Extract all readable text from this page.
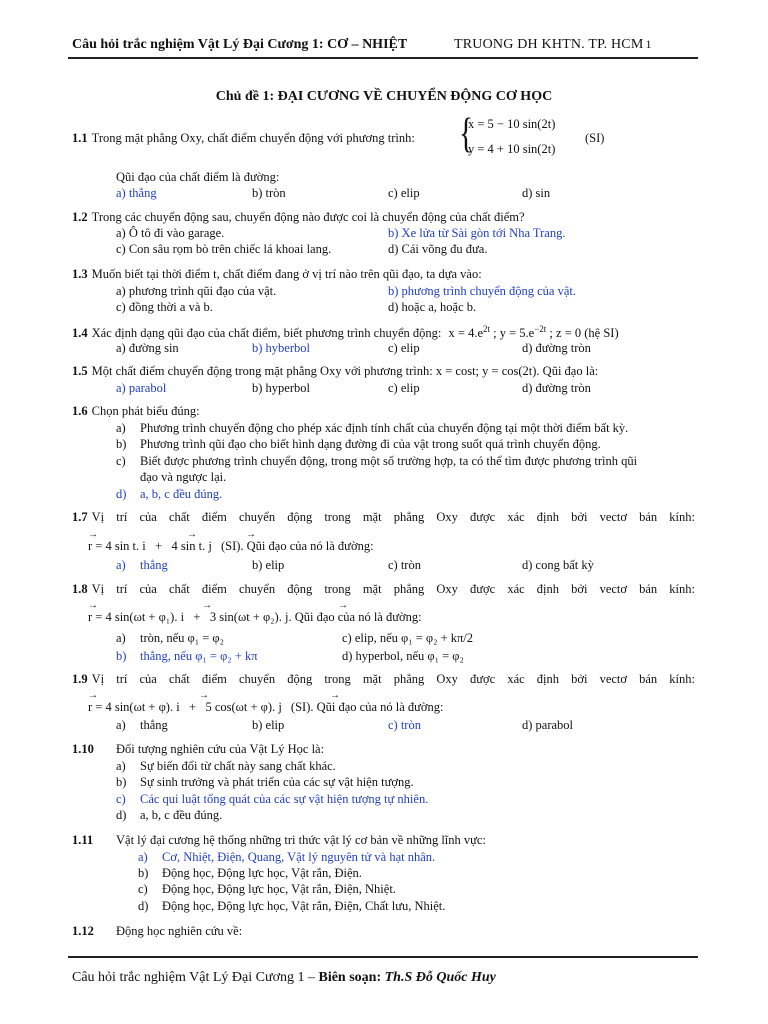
Câu hỏi trắc nghiệm Vật Lý Đại Cương 1: CƠ – NHIỆT	TRUONG DH KHTN. TP. HCM 1
Chủ đề 1: ĐẠI CƯƠNG VỀ CHUYỂN ĐỘNG CƠ HỌC
1.1 Trong mặt phẳng Oxy, chất điểm chuyển động với phương trình: {
x = 5 − 10 sin(2t)
y = 4 + 10 sin(2t)
(SI)
Qũi đạo của chất điểm là đường:
a) thẳng	b) tròn	c) elip	d) sin
1.2 Trong các chuyển động sau, chuyển động nào được coi là chuyển động của chất điểm?
a) Ô tô đi vào garage.	b) Xe lửa từ Sài gòn tới Nha Trang.
c) Con sâu rọm bò trên chiếc lá khoai lang.	d) Cái võng đu đưa.
1.3 Muốn biết tại thời điểm t, chất điểm đang ở vị trí nào trên qũi đạo, ta dựa vào:
a) phương trình qũi đạo của vật.	b) phương trình chuyển động của vật.
c) đồng thời a và b.	d) hoặc a, hoặc b.
1.4 Xác định dạng qũi đạo của chất điểm, biết phương trình chuyển động: $x = 4.e^{2t}$ ; $y = 5.e^{-2t}$ ; z = 0 (hệ SI)
a) đường sin	b) hyberbol	c) elip	d) đường tròn
1.5 Một chất điểm chuyển động trong mặt phẳng Oxy với phương trình: x = cost; y = cos(2t). Qũi đạo là:
a) parabol	b) hyperbol	c) elip	d) đường tròn
1.6 Chọn phát biểu đúng:
a) Phương trình chuyển động cho phép xác định tính chất của chuyển động tại một thời điểm bất kỳ.
b) Phương trình qũi đạo cho biết hình dạng đường đi của vật trong suốt quá trình chuyển động.
c) Biết được phương trình chuyển động, trong một số trường hợp, ta có thể tìm được phương trình qũi
đạo và ngược lại.
d) a, b, c đều đúng.
1.7 Vị trí của chất điểm chuyển động trong mặt phẳng Oxy được xác định bởi vectơ bán kính:
→	→	→
r = 4 sin t. i   +   4 sin t. j (SI). Qũi đạo của nó là đường:
a) thẳng	b) elip	c) tròn	d) cong bất kỳ
1.8 Vị trí của chất điểm chuyển động trong mặt phẳng Oxy được xác định bởi vectơ bán kính:
→	→	→
r = 4 sin(ωt + φ₁). i   +   3 sin(ωt + φ₂). j. Qũi đạo của nó là đường:
a) tròn, nếu φ₁ = φ₂	c) elip, nếu φ₁ = φ₂ + kπ/2
b) thẳng, nếu φ₁ = φ₂ + kπ	d) hyperbol, nếu φ₁ = φ₂
1.9 Vị trí của chất điểm chuyển động trong mặt phẳng Oxy được xác định bởi vectơ bán kính:
→	→	→
r = 4 sin(ωt + φ). i   +   5 cos(ωt + φ). j (SI). Qũi đạo của nó là đường:
a) thẳng	b) elip	c) tròn	d) parabol
1.10	Đối tượng nghiên cứu của Vật Lý Học là:
a) Sự biến đổi từ chất này sang chất khác.
b) Sự sinh trưởng và phát triển của các sự vật hiện tượng.
c) Các qui luật tổng quát của các sự vật hiện tượng tự nhiên.
d) a, b, c đều đúng.
1.11	Vật lý đại cương hệ thống những tri thức vật lý cơ bản về những lĩnh vực:
a) Cơ, Nhiệt, Điện, Quang, Vật lý nguyên tử và hạt nhân.
b) Động học, Động lực học, Vật rắn, Điện.
c) Động học, Động lực học, Vật rắn, Điện, Nhiệt.
d) Động học, Động lực học, Vật rắn, Điện, Chất lưu, Nhiệt.
1.12	Động học nghiên cứu về:
Câu hỏi trắc nghiệm Vật Lý Đại Cương 1 – Biên soạn: Th.S Đỗ Quốc Huy
